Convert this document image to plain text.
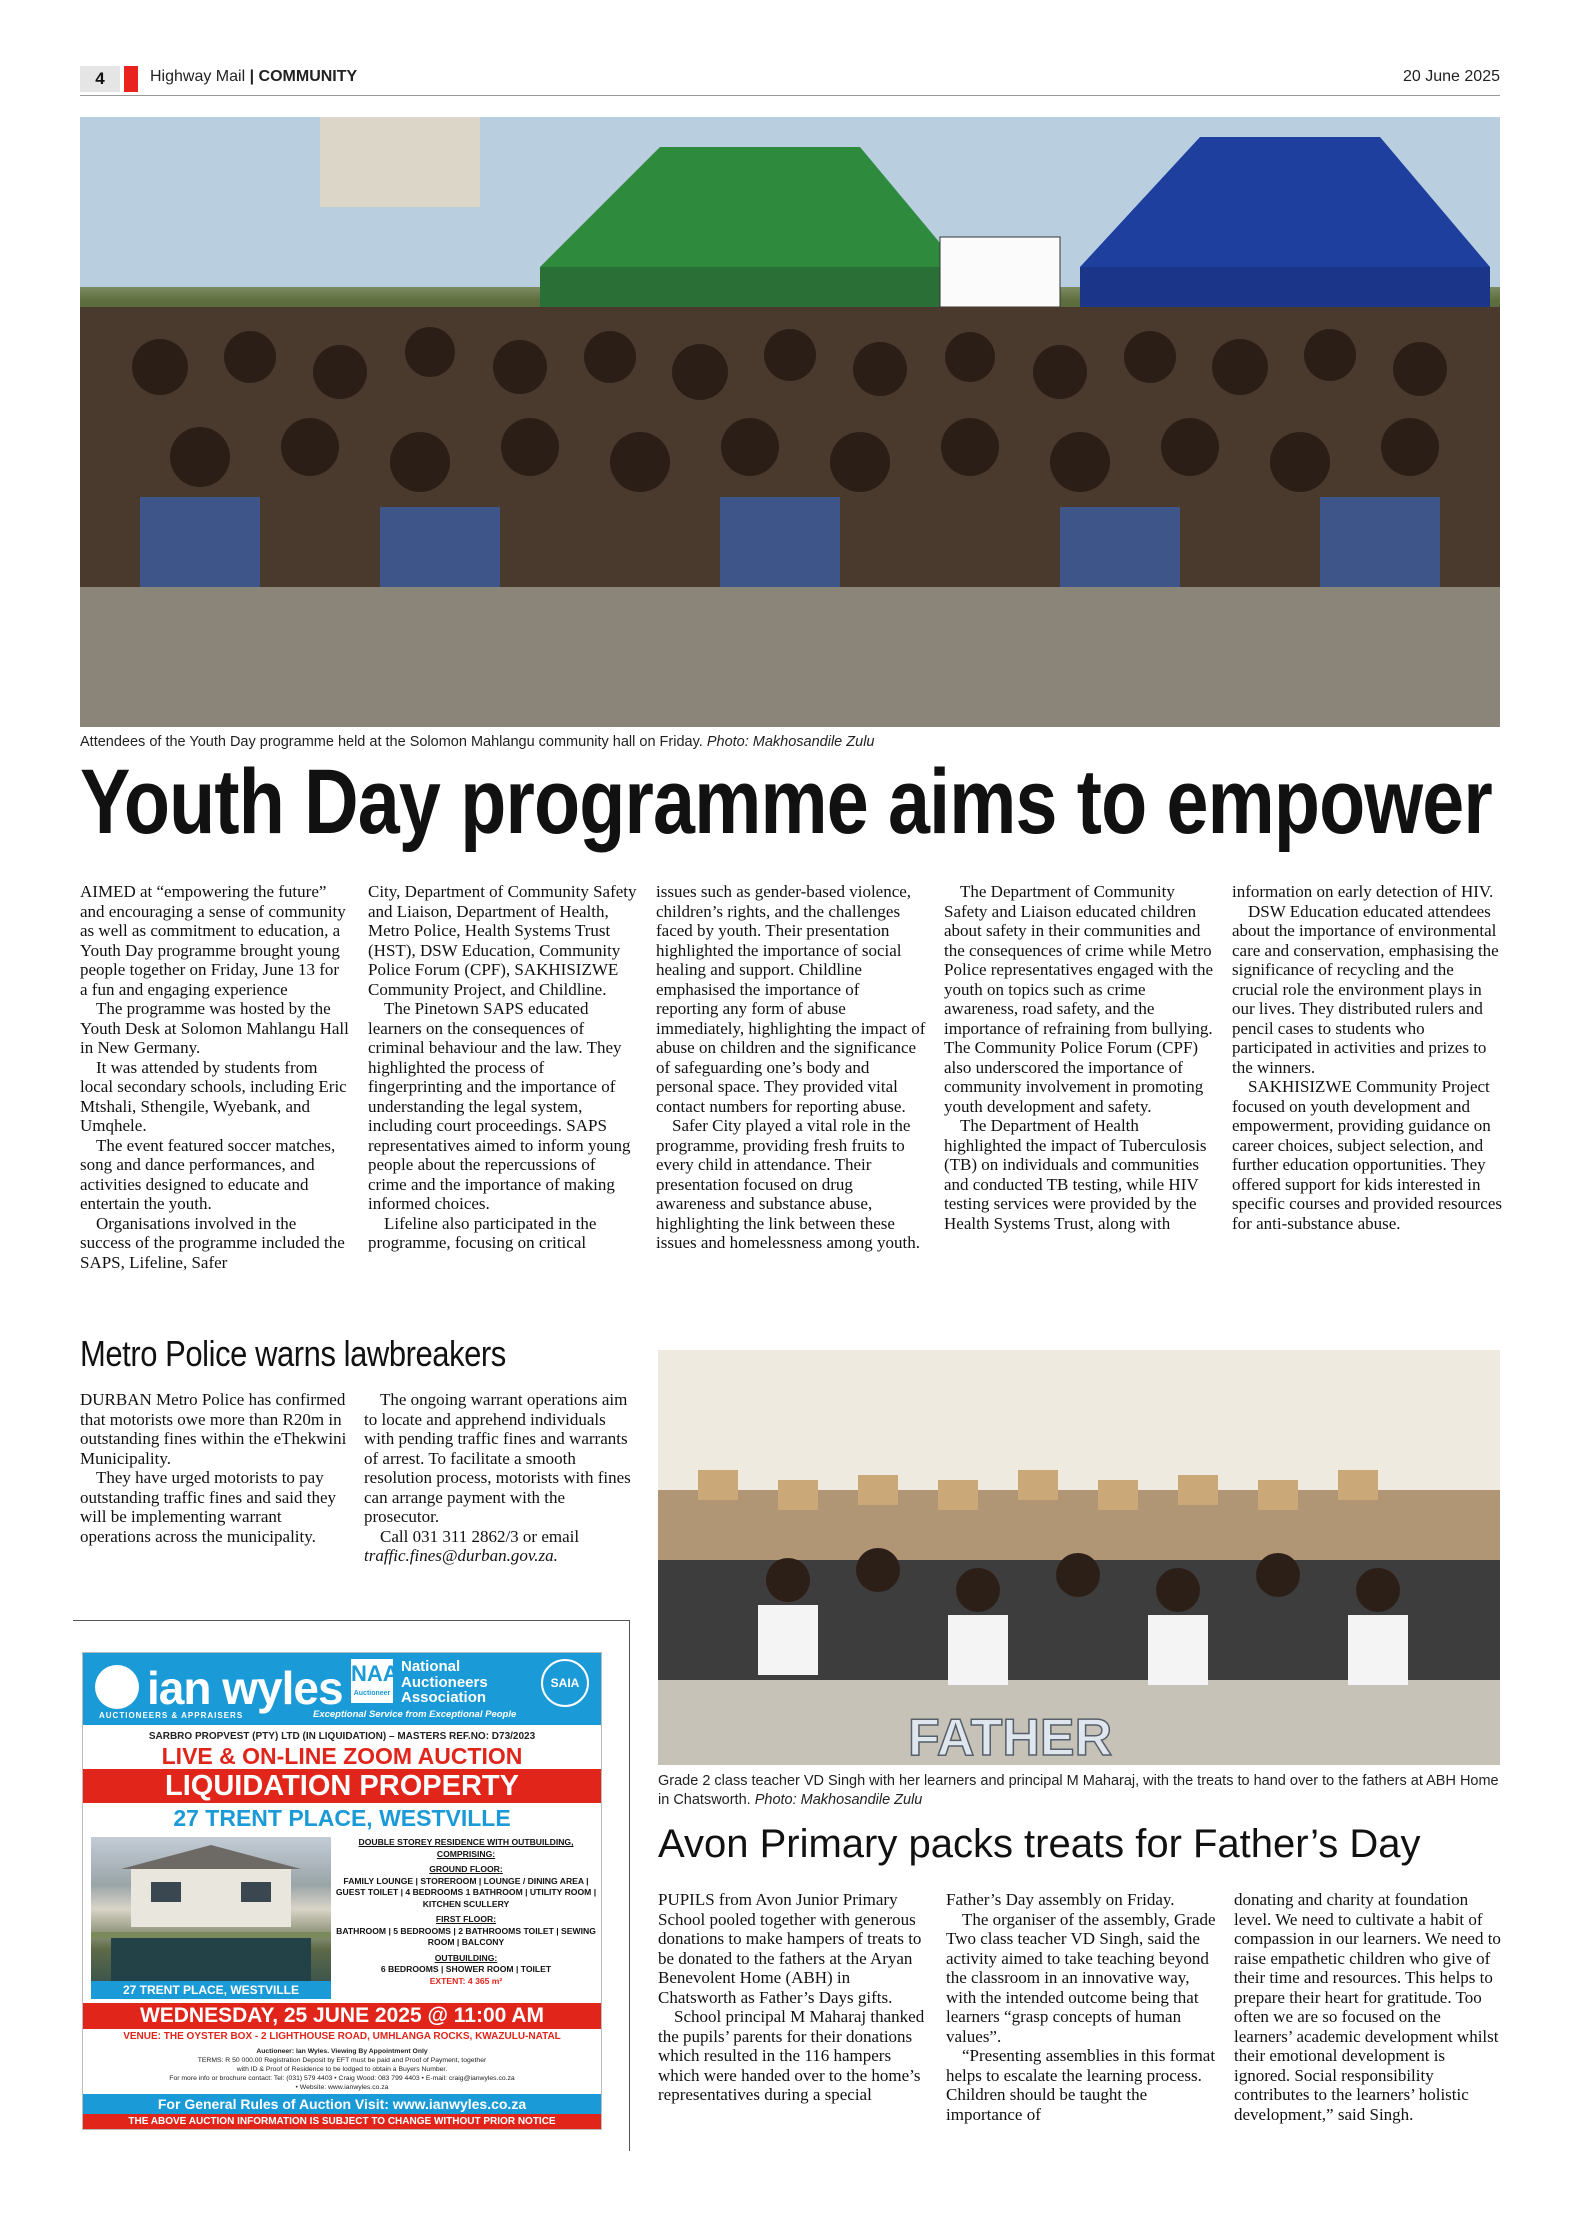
4	Highway Mail | COMMUNITY	20 June 2025
Attendees of the Youth Day programme held at the Solomon Mahlangu community hall on Friday. Photo: Makhosandile Zulu
Youth Day programme aims to empower

AIMED at “empowering the future” and encouraging a sense of community as well as commitment to education, a Youth Day programme brought young people together on Friday, June 13 for a fun and engaging experience

The programme was hosted by the Youth Desk at Solomon Mahlangu Hall in New Germany.

It was attended by students from local secondary schools, including Eric Mtshali, Sthengile, Wyebank, and Umqhele.

The event featured soccer matches, song and dance performances, and activities designed to educate and entertain the youth.

Organisations involved in the success of the programme included the SAPS, Lifeline, Safer

City, Department of Community Safety and Liaison, Department of Health, Metro Police, Health Systems Trust (HST), DSW Education, Community Police Forum (CPF), SAKHISIZWE Community Project, and Childline.

The Pinetown SAPS educated learners on the consequences of criminal behaviour and the law. They highlighted the process of fingerprinting and the importance of understanding the legal system, including court proceedings. SAPS representatives aimed to inform young people about the repercussions of crime and the importance of making informed choices.

Lifeline also participated in the programme, focusing on critical

issues such as gender-based violence, children’s rights, and the challenges faced by youth. Their presentation highlighted the importance of social healing and support. Childline emphasised the importance of reporting any form of abuse immediately, highlighting the impact of abuse on children and the significance of safeguarding one’s body and personal space. They provided vital contact numbers for reporting abuse.

Safer City played a vital role in the programme, providing fresh fruits to every child in attendance. Their presentation focused on drug awareness and substance abuse, highlighting the link between these issues and homelessness among youth.

The Department of Community Safety and Liaison educated children about safety in their communities and the consequences of crime while Metro Police representatives engaged with the youth on topics such as crime awareness, road safety, and the importance of refraining from bullying. The Community Police Forum (CPF) also underscored the importance of community involvement in promoting youth development and safety.

The Department of Health highlighted the impact of Tuberculosis (TB) on individuals and communities and conducted TB testing, while HIV testing services were provided by the Health Systems Trust, along with

information on early detection of HIV.

DSW Education educated attendees about the importance of environmental care and conservation, emphasising the significance of recycling and the crucial role the environment plays in our lives. They distributed rulers and pencil cases to students who participated in activities and prizes to the winners.

SAKHISIZWE Community Project focused on youth development and empowerment, providing guidance on career choices, subject selection, and further education opportunities. They offered support for kids interested in specific courses and provided resources for anti-substance abuse.

Metro Police warns lawbreakers

DURBAN Metro Police has confirmed that motorists owe more than R20m in outstanding fines within the eThekwini Municipality.

They have urged motorists to pay outstanding traffic fines and said they will be implementing warrant operations across the municipality.

The ongoing warrant operations aim to locate and apprehend individuals with pending traffic fines and warrants of arrest. To facilitate a smooth resolution process, motorists with fines can arrange payment with the prosecutor.

Call 031 311 2862/3 or email traffic.fines@durban.gov.za.

FATHER
Grade 2 class teacher VD Singh with her learners and principal M Maharaj, with the treats to hand over to the fathers at ABH Home in Chatsworth. Photo: Makhosandile Zulu
Avon Primary packs treats for Father’s Day

PUPILS from Avon Junior Primary School pooled together with generous donations to make hampers of treats to be donated to the fathers at the Aryan Benevolent Home (ABH) in Chatsworth as Father’s Days gifts.

School principal M Maharaj thanked the pupils’ parents for their donations which resulted in the 116 hampers which were handed over to the home’s representatives during a special

Father’s Day assembly on Friday.

The organiser of the assembly, Grade Two class teacher VD Singh, said the activity aimed to take teaching beyond the classroom in an innovative way, with the intended outcome being that learners “grasp concepts of human values”.

“Presenting assemblies in this format helps to escalate the learning process. Children should be taught the importance of

donating and charity at foundation level. We need to cultivate a habit of compassion in our learners. We need to raise empathetic children who give of their time and resources. This helps to prepare their heart for gratitude. Too often we are so focused on the learners’ academic development whilst their emotional development is ignored. Social responsibility contributes to the learners’ holistic development,” said Singh.

ian wyles
AUCTIONEERS & APPRAISERS
NAA
Auctioneer
National
Auctioneers
Association
SAIA
Exceptional Service from Exceptional People
SARBRO PROPVEST (PTY) LTD (IN LIQUIDATION) – MASTERS REF.NO: D73/2023
LIVE & ON-LINE ZOOM AUCTION
LIQUIDATION PROPERTY
27 TRENT PLACE, WESTVILLE
27 TRENT PLACE, WESTVILLE
DOUBLE STOREY RESIDENCE WITH OUTBUILDING,
COMPRISING:
GROUND FLOOR:
FAMILY LOUNGE | STOREROOM | LOUNGE / DINING AREA | GUEST TOILET | 4 BEDROOMS 1 BATHROOM | UTILITY ROOM | KITCHEN SCULLERY
FIRST FLOOR:
BATHROOM | 5 BEDROOMS | 2 BATHROOMS TOILET | SEWING ROOM | BALCONY
OUTBUILDING:
6 BEDROOMS | SHOWER ROOM | TOILET
EXTENT: 4 365 m²
WEDNESDAY, 25 JUNE 2025 @ 11:00 AM
VENUE: THE OYSTER BOX - 2 LIGHTHOUSE ROAD, UMHLANGA ROCKS, KWAZULU-NATAL
Auctioneer: Ian Wyles. Viewing By Appointment Only
TERMS: R 50 000.00 Registration Deposit by EFT must be paid and Proof of Payment, together
with ID & Proof of Residence to be lodged to obtain a Buyers Number.
For more info or brochure contact: Tel: (031) 579 4403 • Craig Wood: 083 799 4403 • E-mail: craig@ianwyles.co.za
• Website: www.ianwyles.co.za
For General Rules of Auction Visit: www.ianwyles.co.za
THE ABOVE AUCTION INFORMATION IS SUBJECT TO CHANGE WITHOUT PRIOR NOTICE
